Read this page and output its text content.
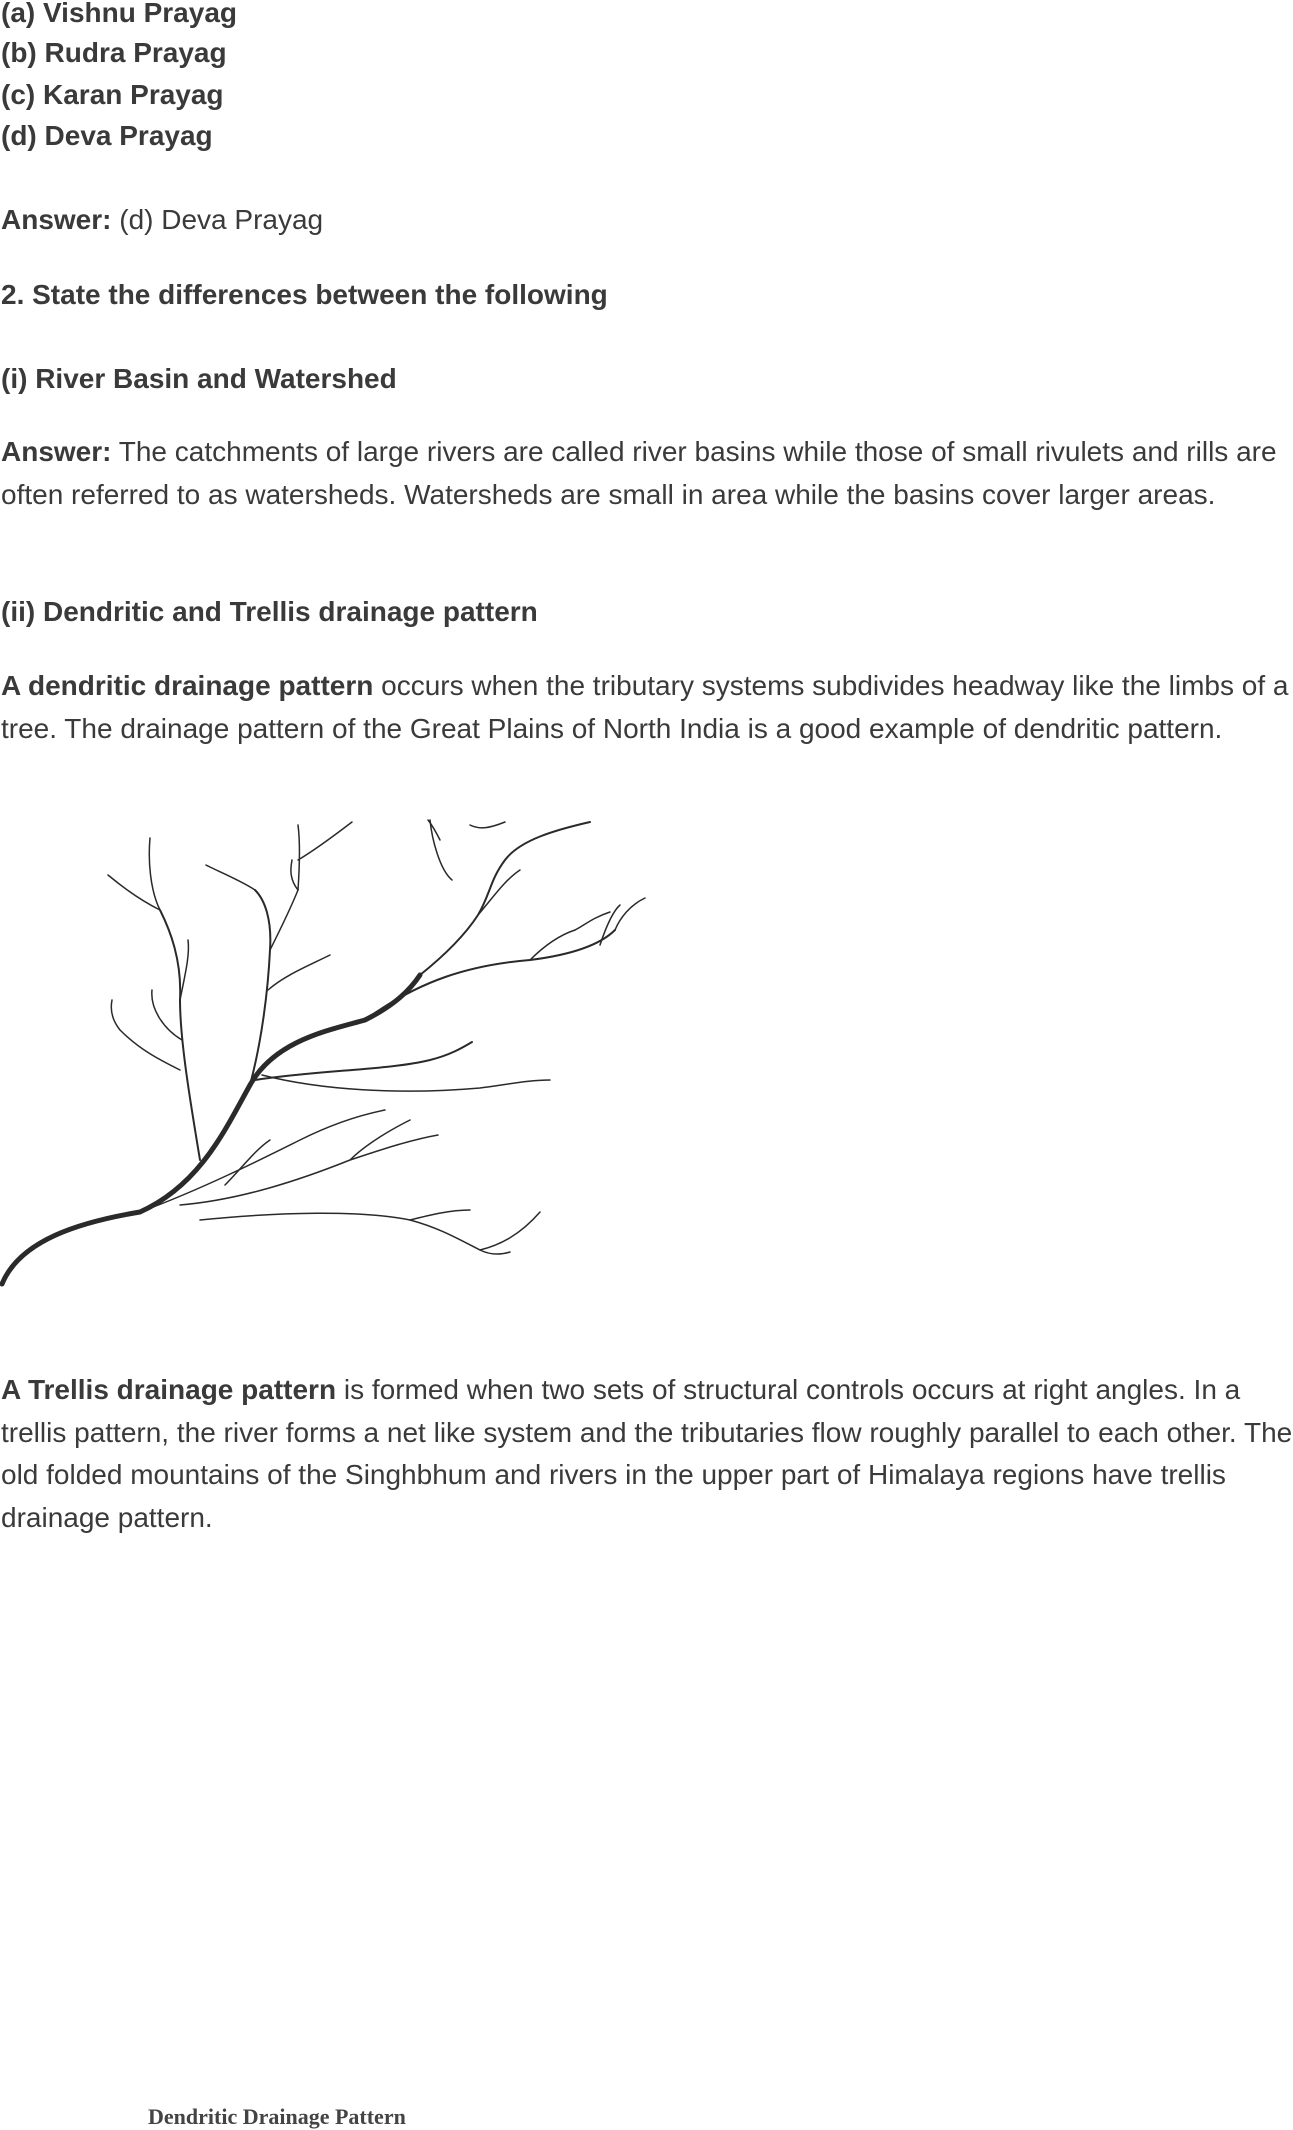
(a) Vishnu Prayag

(b) Rudra Prayag

(c) Karan Prayag

(d) Deva Prayag

Answer: (d) Deva Prayag

2. State the differences between the following

(i) River Basin and Watershed

Answer: The catchments of large rivers are called river basins while those of small rivulets and rills are often referred to as watersheds. Watersheds are small in area while the basins cover larger areas.

(ii) Dendritic and Trellis drainage pattern

A dendritic drainage pattern occurs when the tributary systems subdivides headway like the limbs of a tree. The drainage pattern of the Great Plains of North India is a good example of dendritic pattern.

Dendritic Drainage Pattern

A Trellis drainage pattern is formed when two sets of structural controls occurs at right angles. In a trellis pattern, the river forms a net like system and the tributaries flow roughly parallel to each other. The old folded mountains of the Singhbhum and rivers in the upper part of Himalaya regions have trellis drainage pattern.
